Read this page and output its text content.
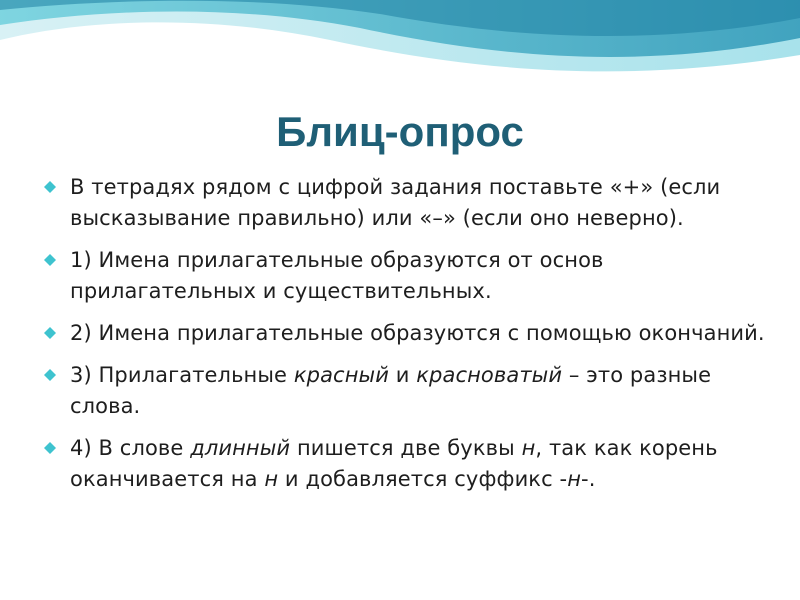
Блиц-опрос
В тетрадях рядом с цифрой задания поставьте «+» (если высказывание правильно) или «–» (если оно неверно).
1) Имена прилагательные образуются от основ прилагательных и существительных.
2) Имена прилагательные образуются с помощью окончаний.
3) Прилагательные красный и красноватый – это разные слова.
4) В слове длинный пишется две буквы н, так как корень оканчивается на н и добавляется суффикс -н-.
